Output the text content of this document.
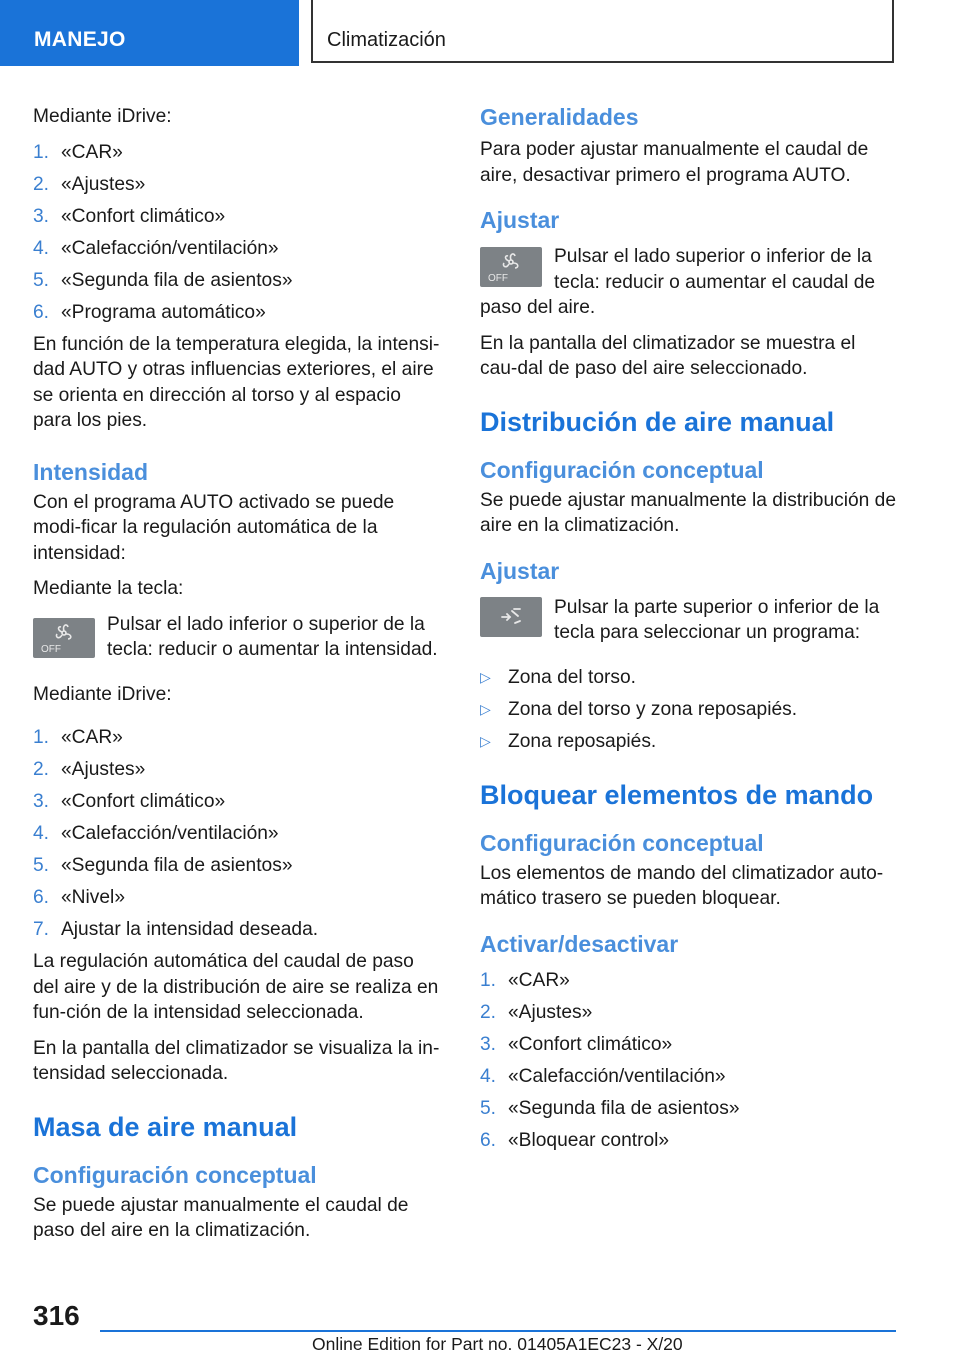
MANEJO	Climatización

Mediante iDrive:

1. «CAR»
2. «Ajustes»
3. «Confort climático»
4. «Calefacción/ventilación»
5. «Segunda fila de asientos»
6. «Programa automático»

En función de la temperatura elegida, la intensi-dad AUTO y otras influencias exteriores, el aire se orienta en dirección al torso y al espacio para los pies.

Intensidad

Con el programa AUTO activado se puede modi-ficar la regulación automática de la intensidad:

Mediante la tecla:

OFF

Pulsar el lado inferior o superior de la tecla: reducir o aumentar la intensidad.

Mediante iDrive:

1. «CAR»
2. «Ajustes»
3. «Confort climático»
4. «Calefacción/ventilación»
5. «Segunda fila de asientos»
6. «Nivel»
7. Ajustar la intensidad deseada.

La regulación automática del caudal de paso del aire y de la distribución de aire se realiza en fun-ción de la intensidad seleccionada.

En la pantalla del climatizador se visualiza la in-tensidad seleccionada.

Masa de aire manual
Configuración conceptual

Se puede ajustar manualmente el caudal de paso del aire en la climatización.

Generalidades

Para poder ajustar manualmente el caudal de aire, desactivar primero el programa AUTO.

Ajustar
OFF

Pulsar el lado superior o inferior de la tecla: reducir o aumentar el caudal de

paso del aire.

En la pantalla del climatizador se muestra el cau-dal de paso del aire seleccionado.

Distribución de aire manual
Configuración conceptual

Se puede ajustar manualmente la distribución de aire en la climatización.

Ajustar

Pulsar la parte superior o inferior de la tecla para seleccionar un programa:

▷ Zona del torso.
▷ Zona del torso y zona reposapiés.
▷ Zona reposapiés.
Bloquear elementos de mando
Configuración conceptual

Los elementos de mando del climatizador auto-mático trasero se pueden bloquear.

Activar/desactivar
1. «CAR»
2. «Ajustes»
3. «Confort climático»
4. «Calefacción/ventilación»
5. «Segunda fila de asientos»
6. «Bloquear control»
316
Online Edition for Part no. 01405A1EC23 - X/20
